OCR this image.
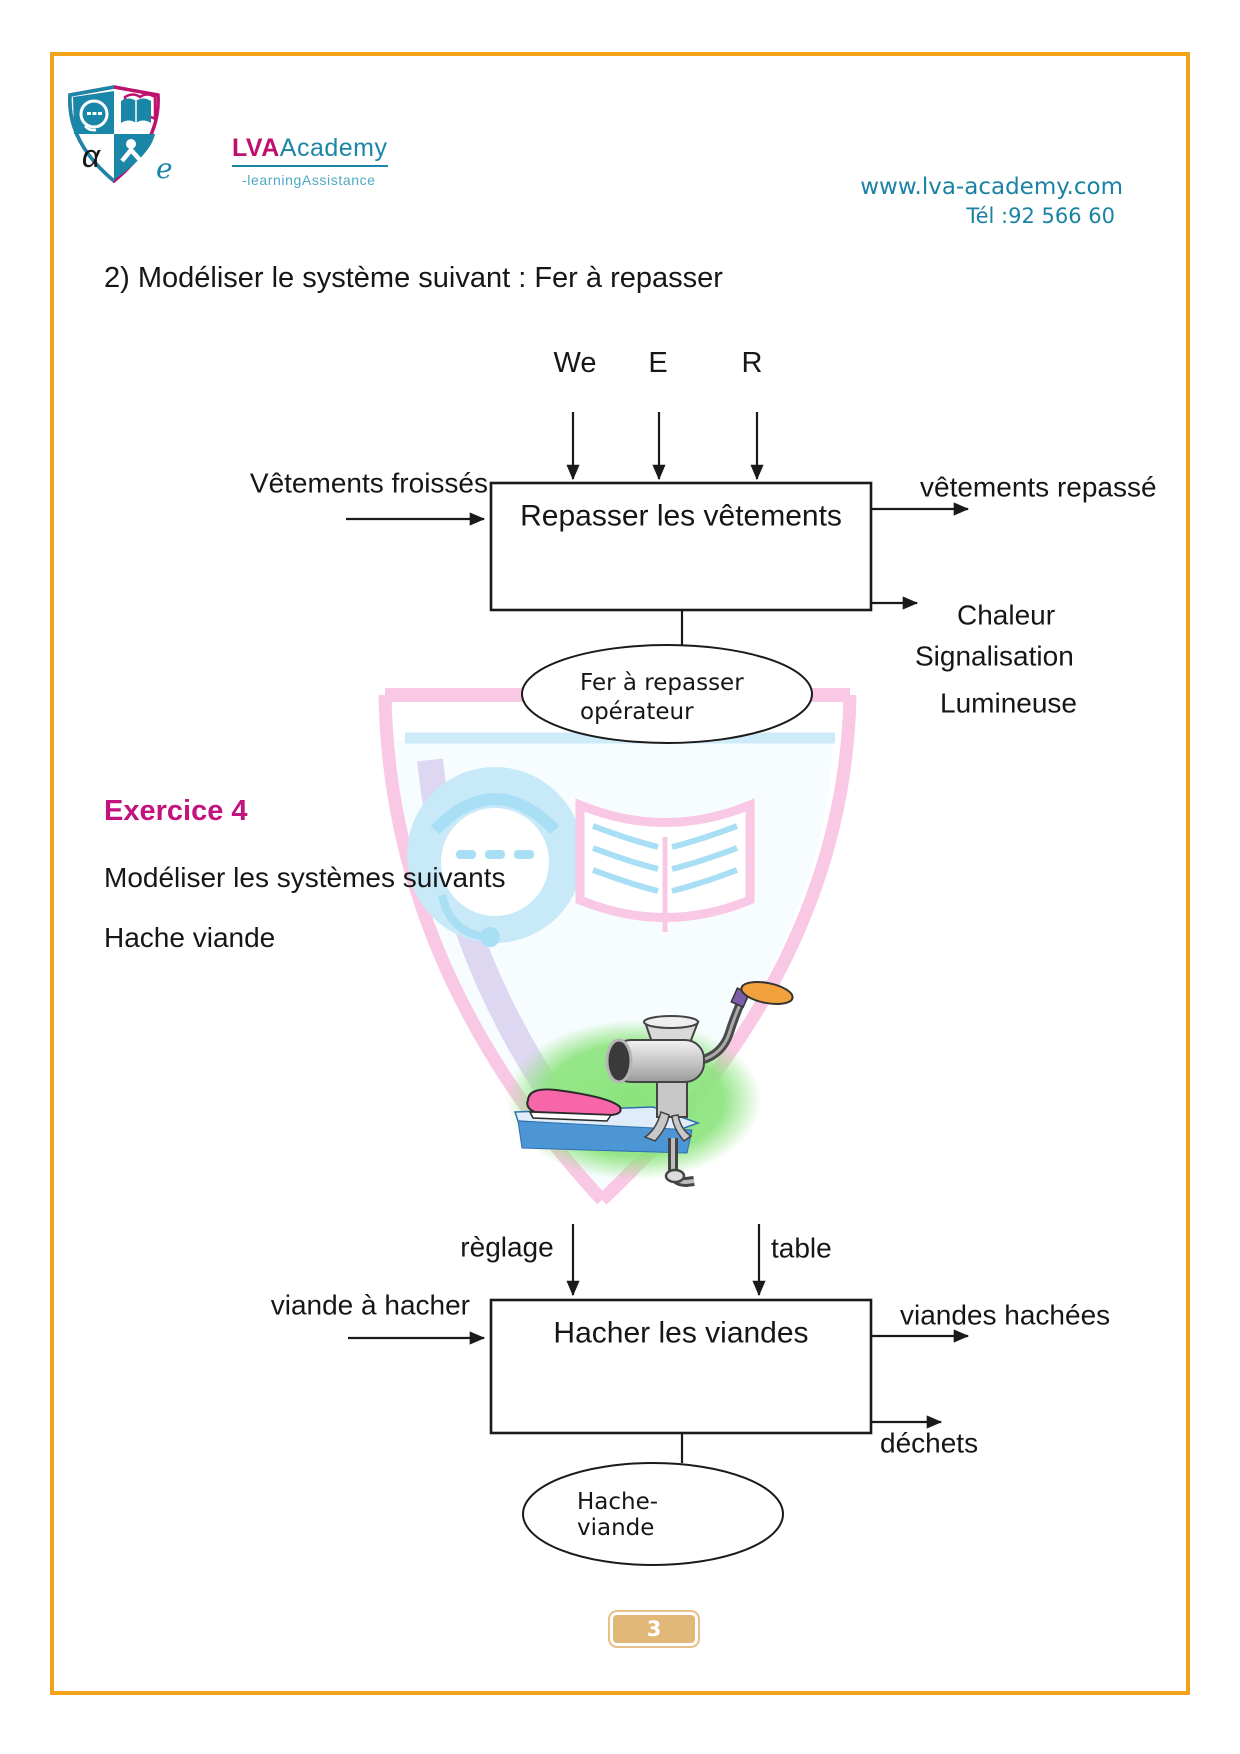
α e
LVAAcademy
-learningAssistance	www.lva-academy.com
Tél :92 566 60
2) Modéliser le système suivant : Fer à repasser
We E	R
Repasser les vêtements
Vêtements froissés	vêtements repassé
Chaleur
Signalisation
Lumineuse
Fer à repasser
opérateur
Exercice 4
Modéliser les systèmes suivants
Hache viande
règlage	table
Hacher les viandes
viande à hacher	viandes hachées
déchets
Hache-
viande
3
